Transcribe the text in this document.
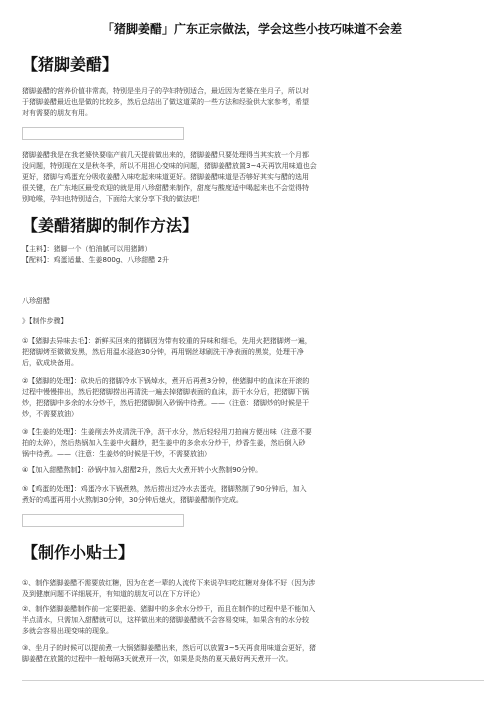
「猪脚姜醋」广东正宗做法，学会这些小技巧味道不会差
【猪脚姜醋】
猪脚姜醋的营养价值非常高，特别是坐月子的孕妇特别适合，最近因为老婆在坐月子，所以对
于猪脚姜醋最近也是做的比较多，然后总结出了做这道菜的一些方法和经验供大家参考，希望
对有需要的朋友有用。
猪脚姜醋我是在我老婆快要临产前几天提前做出来的，猪脚姜醋只要处理得当其实放一个月都
没问题，特别现在又是秋冬季，所以不用担心变味的问题，猪脚姜醋放置3~4天再饮用味道也会
更好，猪脚与鸡蛋充分吸收姜醋入味吃起来味道更好。猪脚姜醋味道是否够好其实与醋的选用
很关键，在广东地区最受欢迎的就是用八珍甜醋来制作，甜度与酸度适中喝起来也不会觉得特
别呛喉，孕妇也特别适合，下面给大家分享下我的做法吧！
【姜醋猪脚的制作方法】
【主料】：猪脚一个（怕油腻可以用猪蹄）
【配料】：鸡蛋适量、生姜800g、八珍甜醋 2升
八珍甜醋
》【制作步骤】
①【猪脚去异味去毛】：新鲜买回来的猪脚因为带有较重的异味和细毛，先用火把猪脚烤一遍，
把猪脚烤至微微发黑，然后用温水浸泡30分钟，再用钢丝球刷洗干净表面的黑炭，处理干净
后，砍成块备用。
②【猪脚的处理】：砍块后的猪脚冷水下锅焯水，煮开后再煮3分钟，使猪脚中的血沫在开滚的
过程中慢慢排出，然后把猪脚捞出再清洗一遍去掉猪脚表面的血沫，沥干水分后，把猪脚下锅
炒，把猪脚中多余的水分炒干，然后把猪脚倒入砂锅中待煮。——（注意：猪脚炒的时候是干
炒，不需要放油）
③【生姜的处理】：生姜削去外皮清洗干净，沥干水分，然后轻轻用刀拍扁方便出味（注意不要
拍的太碎），然后热锅加入生姜中火翻炒，把生姜中的多余水分炒干，炒香生姜，然后倒入砂
锅中待煮。——（注意：生姜炒的时候是干炒，不需要放油）
④【加入甜醋熬制】：砂锅中加入甜醋2升，然后大火煮开转小火熬制90分钟。
⑤【鸡蛋的处理】：鸡蛋冷水下锅煮熟，然后捞出过冷水去蛋壳，猪脚熬制了90分钟后，加入
煮好的鸡蛋再用小火熬制30分钟，30分钟后熄火，猪脚姜醋制作完成。
【制作小贴士】
①、制作猪脚姜醋不需要放红糖，因为在老一辈的人流传下来说孕妇吃红糖对身体不好（因为涉
及到健康问题不详细展开，有知道的朋友可以在下方评论）
②、制作猪脚姜醋制作前一定要把姜、猪脚中的多余水分炒干，而且在制作的过程中是不能加入
半点清水，只需加入甜醋就可以，这样做出来的猪脚姜醋就不会容易变味，如果含有的水分较
多就会容易出现变味的现象。
③、坐月子的时候可以提前煮一大锅猪脚姜醋出来，然后可以放置3~5天再食用味道会更好，猪
脚姜醋在放置的过程中一般每隔3天就煮开一次，如果是炎热的夏天最好两天煮开一次。
